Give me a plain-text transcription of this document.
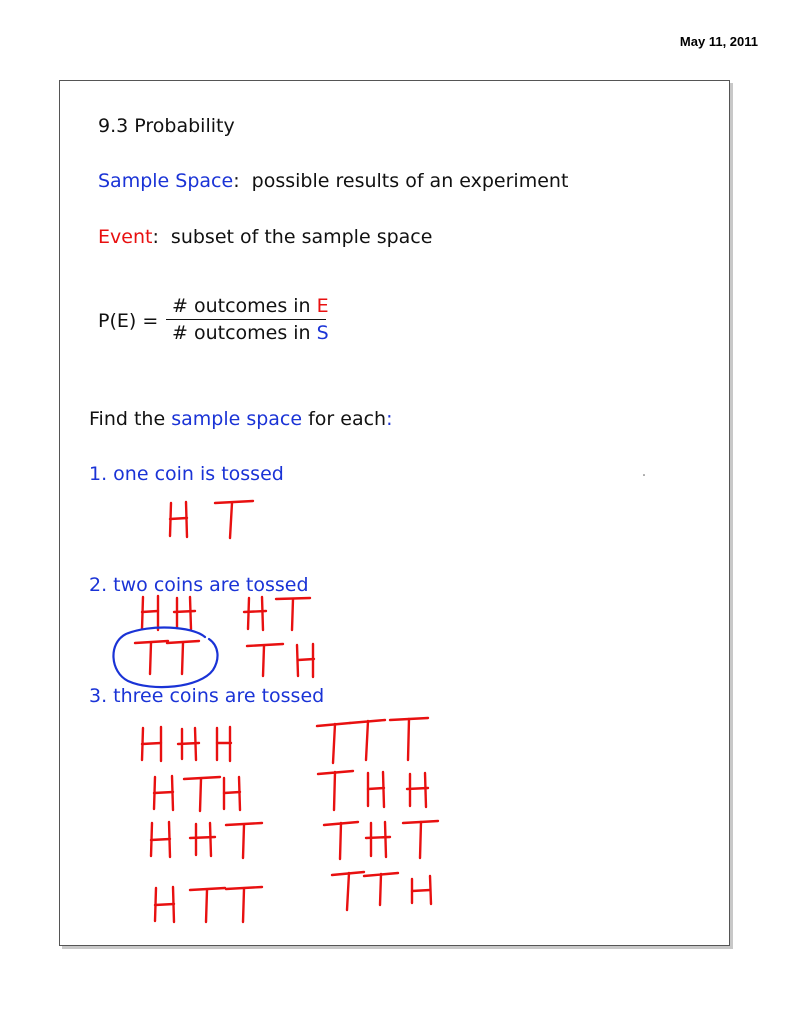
May 11, 2011
9.3 Probability
Sample Space:  possible results of an experiment
Event:  subset of the sample space
P(E) =
# outcomes in E
# outcomes in S
Find the sample space for each:
1. one coin is tossed
2. two coins are tossed
3. three coins are tossed
